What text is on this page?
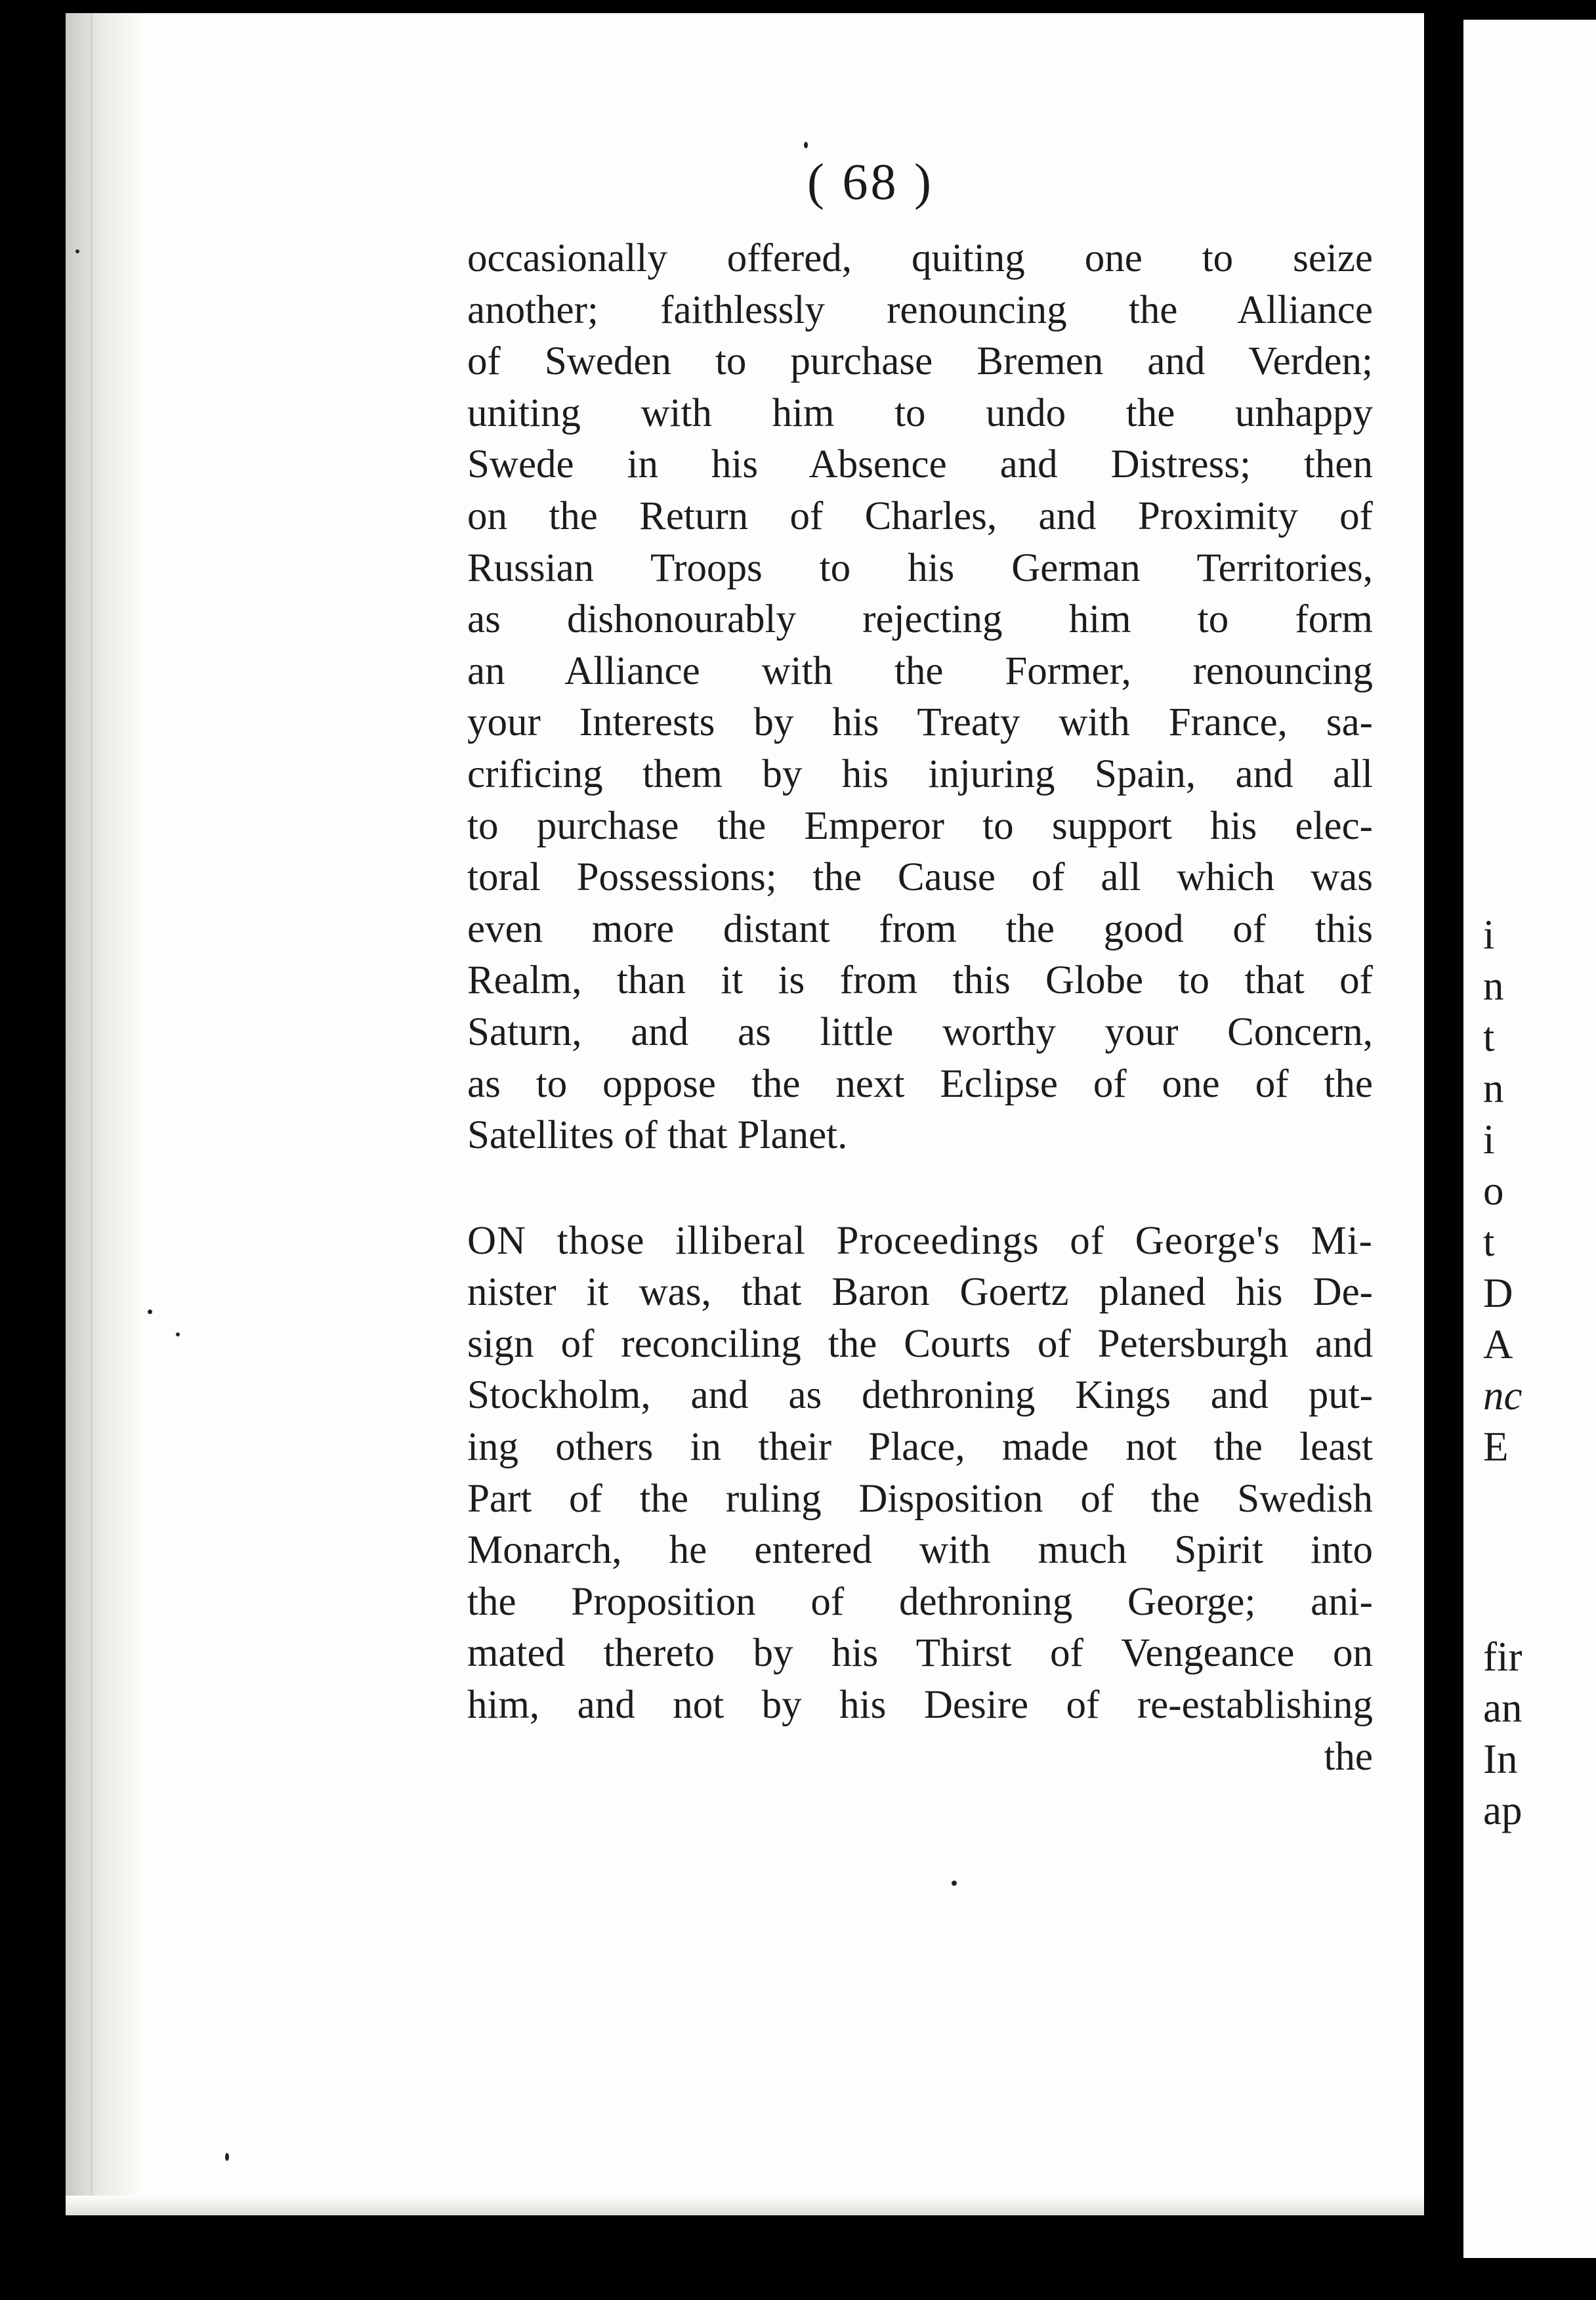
i
n
t
n
i
o
t
D
A
nc
E
fir
an
In
ap
( 68 )
occasionally offered, quiting one to seize
another; faithlessly renouncing the Alliance
of Sweden to purchase Bremen and Verden;
uniting with him to undo the unhappy
Swede in his Absence and Distress; then
on the Return of Charles, and Proximity of
Russian Troops to his German Territories,
as dishonourably rejecting him to form
an Alliance with the Former, renouncing
your Interests by his Treaty with France, sa-
crificing them by his injuring Spain, and all
to purchase the Emperor to support his elec-
toral Possessions; the Cause of all which was
even more distant from the good of this
Realm, than it is from this Globe to that of
Saturn, and as little worthy your Concern,
as to oppose the next Eclipse of one of the
Satellites of that Planet.
ON those illiberal Proceedings of George's Mi-
nister it was, that Baron Goertz planed his De-
sign of reconciling the Courts of Petersburgh and
Stockholm, and as dethroning Kings and put-
ing others in their Place, made not the least
Part of the ruling Disposition of the Swedish
Monarch, he entered with much Spirit into
the Proposition of dethroning George; ani-
mated thereto by his Thirst of Vengeance on
him, and not by his Desire of re-establishing
the
